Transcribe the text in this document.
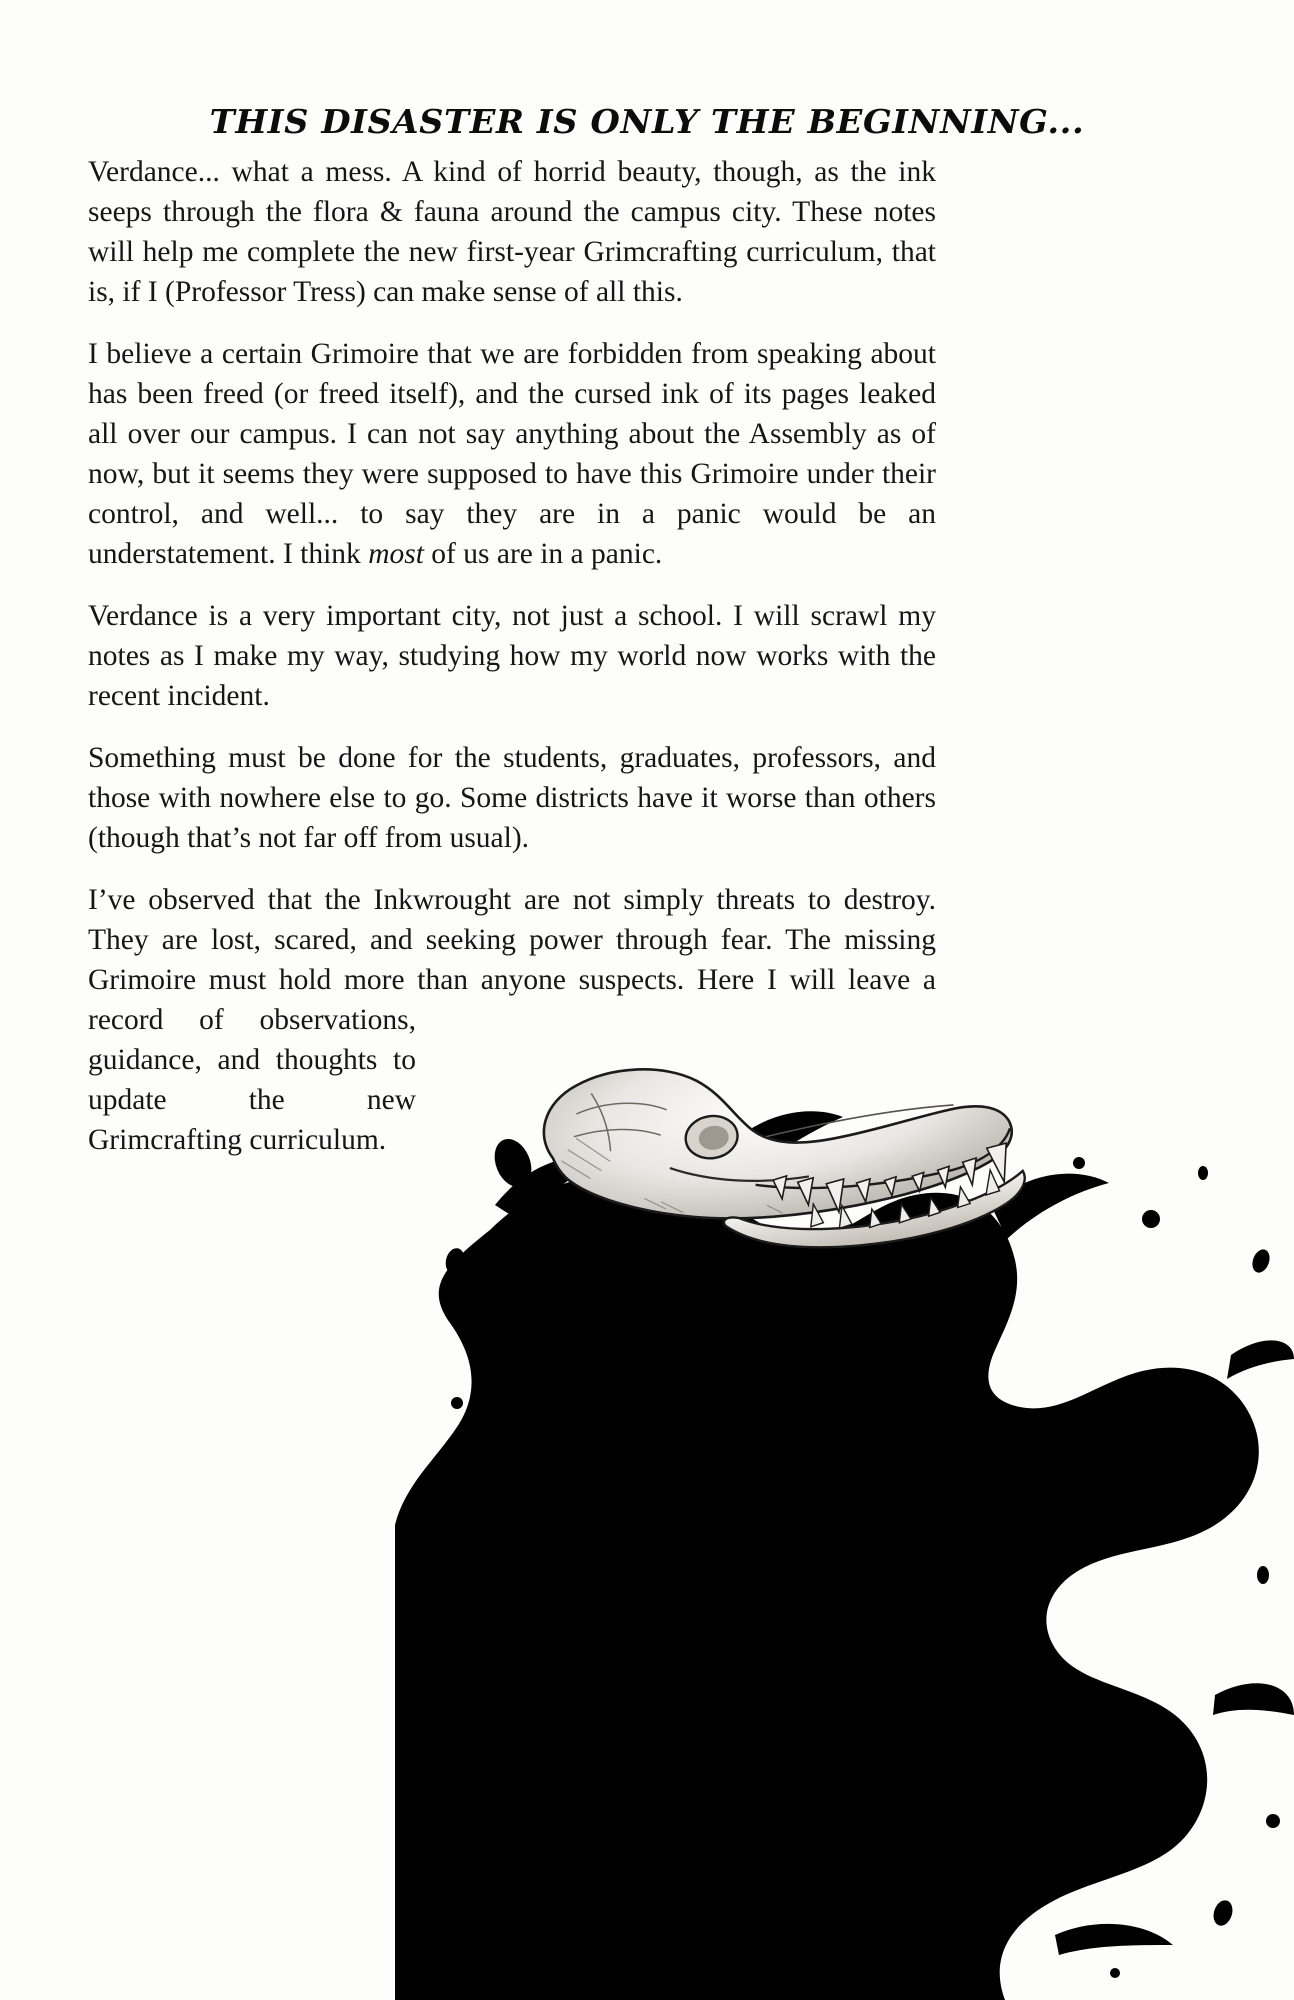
THIS DISASTER IS ONLY THE BEGINNING...

Verdance... what a mess. A kind of horrid beauty, though, as the ink seeps through the flora & fauna around the campus city. These notes will help me complete the new first-year Grimcrafting curriculum, that is, if I (Professor Tress) can make sense of all this.

I believe a certain Grimoire that we are forbidden from speaking about has been freed (or freed itself), and the cursed ink of its pages leaked all over our campus. I can not say anything about the Assembly as of now, but it seems they were supposed to have this Grimoire under their control, and well... to say they are in a panic would be an understatement. I think most of us are in a panic.

Verdance is a very important city, not just a school. I will scrawl my notes as I make my way, studying how my world now works with the recent incident.

Something must be done for the students, graduates, professors, and those with nowhere else to go. Some districts have it worse than others (though that’s not far off from usual).

I’ve observed that the Inkwrought are not simply threats to destroy. They are lost, scared, and seeking power through fear. The missing Grimoire must hold more than anyone suspects. Here I will leave a record of observations, guidance, and thoughts to update the new Grimcrafting curriculum.
